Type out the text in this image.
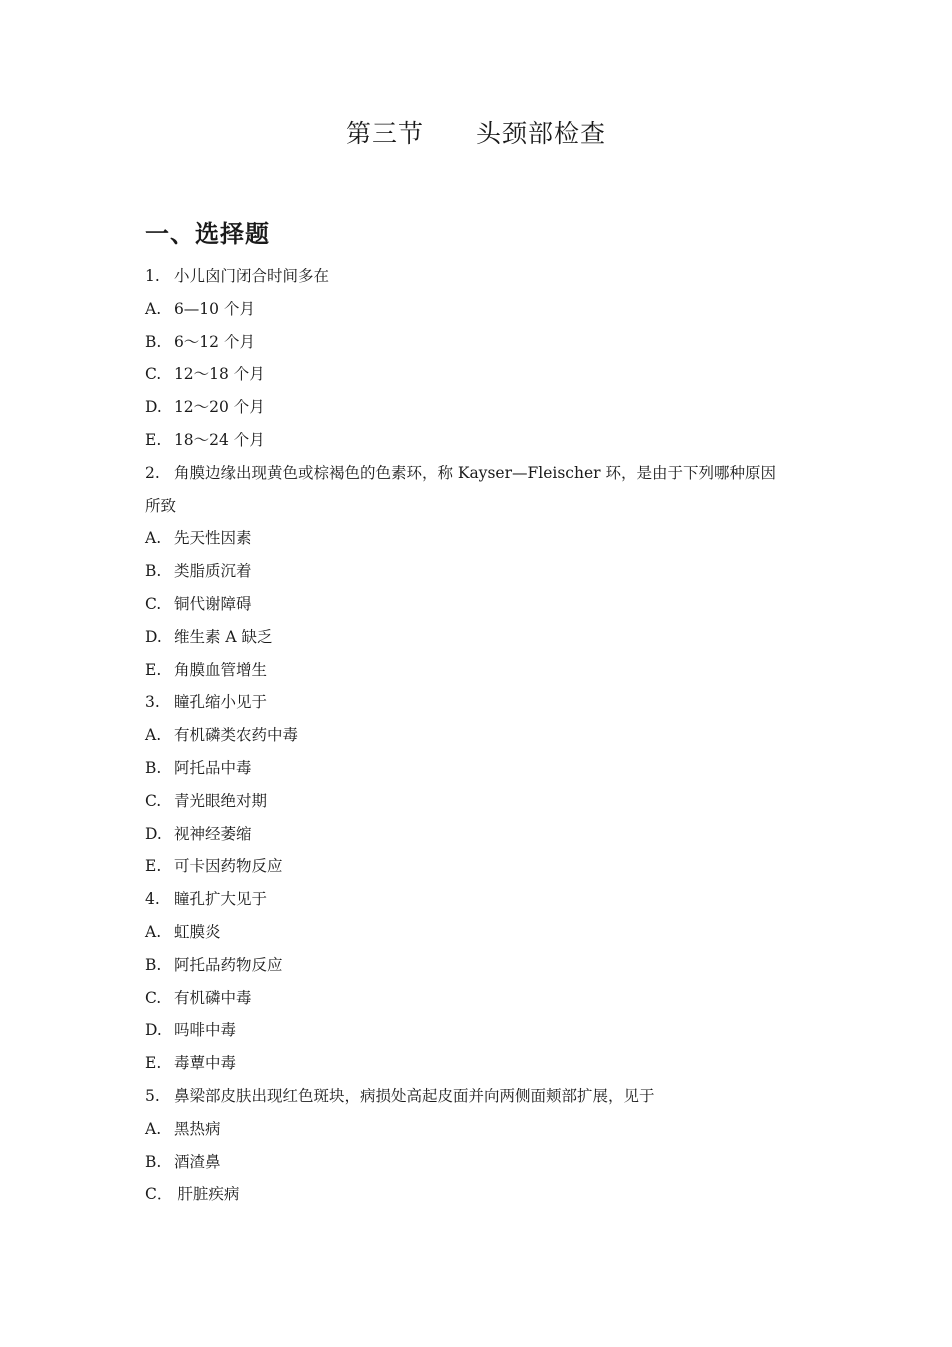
第三节 头颈部检查
一、选择题
1. 小儿囟门闭合时间多在
A. 6—10 个月
B. 6～12 个月
C. 12～18 个月
D. 12～20 个月
E. 18～24 个月
2. 角膜边缘出现黄色或棕褐色的色素环，称 Kayser—Fleischer 环，是由于下列哪种原因
所致
A. 先天性因素
B. 类脂质沉着
C. 铜代谢障碍
D. 维生素 A 缺乏
E. 角膜血管增生
3. 瞳孔缩小见于
A. 有机磷类农药中毒
B. 阿托品中毒
C. 青光眼绝对期
D. 视神经萎缩
E. 可卡因药物反应
4. 瞳孔扩大见于
A. 虹膜炎
B. 阿托品药物反应
C. 有机磷中毒
D. 吗啡中毒
E. 毒蕈中毒
5. 鼻梁部皮肤出现红色斑块，病损处高起皮面并向两侧面颊部扩展，见于
A. 黑热病
B. 酒渣鼻
C． 肝脏疾病
